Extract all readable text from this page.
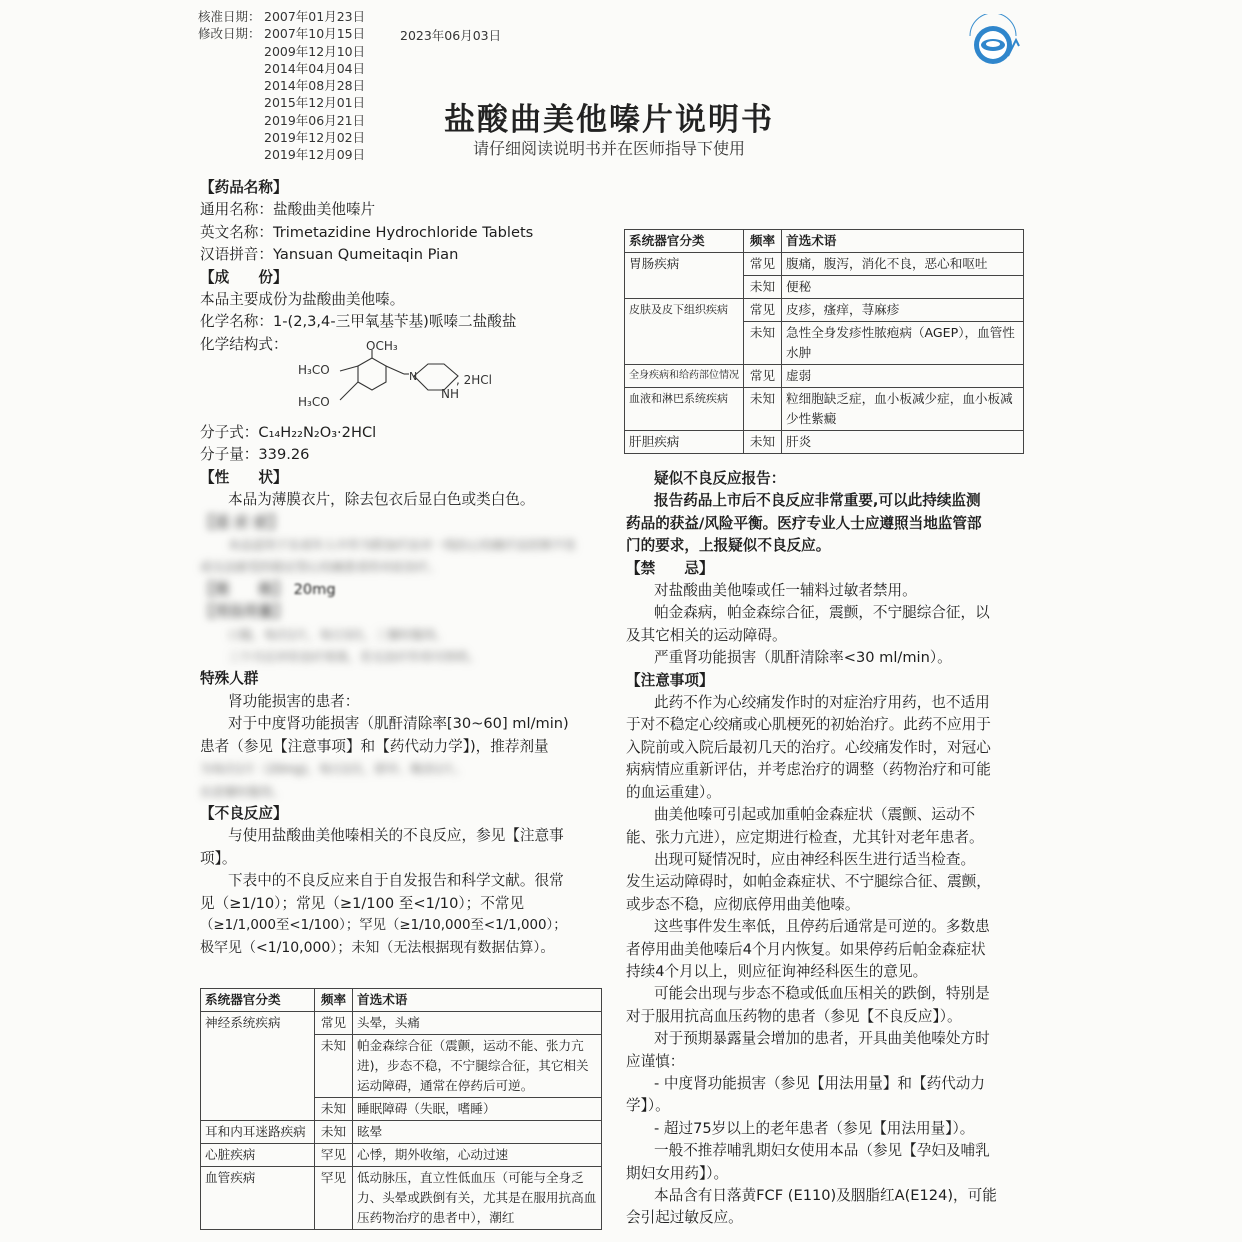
核准日期： 2007年01月23日
修改日期： 2007年10月15日
2009年12月10日
2014年04月04日
2014年08月28日
2015年12月01日
2019年06月21日
2019年12月02日
2019年12月09日
2023年06月03日
盐酸曲美他嗪片说明书
请仔细阅读说明书并在医师指导下使用

【药品名称】

通用名称：盐酸曲美他嗪片

英文名称：Trimetazidine Hydrochloride Tablets

汉语拼音：Yansuan Qumeitaqin Pian

【成　　份】

本品主要成份为盐酸曲美他嗪。

化学名称：1-(2,3,4-三甲氧基苄基)哌嗪二盐酸盐

化学结构式：	OCH₃
H₃CO
H₃CO
N
NH
, 2HCl

分子式：C₁₄H₂₂N₂O₃·2HCl

分子量：339.26

【性　　状】

本品为薄膜衣片，除去包衣后显白色或类白色。

【适 应 症】

本品适用于在成年人中作为附加疗法对一线抗心绞痛疗法控制不佳

或无法耐受的稳定型心绞痛患者的对症治疗。

【规　　格】 20mg

【用法用量】

口服，每次1片，每日3次，三餐时服用。

三个月后评价治疗效果，若无治疗作用可停药。

特殊人群

肾功能损害的患者：

对于中度肾功能损害（肌酐清除率[30~60] ml/min)

患者（参见【注意事项】和【药代动力学】)，推荐剂量

为每次1片（20mg)，每日2次，即早、晚各1片。

在进餐时服用。

【不良反应】

与使用盐酸曲美他嗪相关的不良反应，参见【注意事

项】。

下表中的不良反应来自于自发报告和科学文献。很常

见（≥1/10）；常见（≥1/100 至<1/10）；不常见

（≥1/1,000至<1/100）；罕见（≥1/10,000至<1/1,000）；

极罕见（<1/10,000）；未知（无法根据现有数据估算）。

系统器官分类	频率	首选术语
神经系统疾病	常见	头晕，头痛
	未知	帕金森综合征（震颤，运动不能、张力亢进)，步态不稳，不宁腿综合征，其它相关运动障碍，通常在停药后可逆。
	未知	睡眠障碍（失眠，嗜睡）
耳和内耳迷路疾病	未知	眩晕
心脏疾病	罕见	心悸，期外收缩，心动过速
血管疾病	罕见	低动脉压，直立性低血压（可能与全身乏力、头晕或跌倒有关，尤其是在服用抗高血压药物治疗的患者中），潮红
系统器官分类	频率	首选术语
胃肠疾病	常见	腹痛，腹泻，消化不良，恶心和呕吐
	未知	便秘
皮肤及皮下组织疾病	常见	皮疹，瘙痒，荨麻疹
	未知	急性全身发疹性脓疱病（AGEP），血管性水肿
全身疾病和给药部位情况	常见	虚弱
血液和淋巴系统疾病	未知	粒细胞缺乏症，血小板减少症，血小板减少性紫癜
肝胆疾病	未知	肝炎

疑似不良反应报告：

报告药品上市后不良反应非常重要,可以此持续监测

药品的获益/风险平衡。医疗专业人士应遵照当地监管部

门的要求，上报疑似不良反应。

【禁　　忌】

对盐酸曲美他嗪或任一辅料过敏者禁用。

帕金森病，帕金森综合征，震颤，不宁腿综合征，以

及其它相关的运动障碍。

严重肾功能损害（肌酐清除率<30 ml/min）。

【注意事项】

此药不作为心绞痛发作时的对症治疗用药，也不适用

于对不稳定心绞痛或心肌梗死的初始治疗。此药不应用于

入院前或入院后最初几天的治疗。心绞痛发作时，对冠心

病病情应重新评估，并考虑治疗的调整（药物治疗和可能

的血运重建）。

曲美他嗪可引起或加重帕金森症状（震颤、运动不

能、张力亢进），应定期进行检查，尤其针对老年患者。

出现可疑情况时，应由神经科医生进行适当检查。

发生运动障碍时，如帕金森症状、不宁腿综合征、震颤，

或步态不稳，应彻底停用曲美他嗪。

这些事件发生率低，且停药后通常是可逆的。多数患

者停用曲美他嗪后4个月内恢复。如果停药后帕金森症状

持续4个月以上，则应征询神经科医生的意见。

可能会出现与步态不稳或低血压相关的跌倒，特别是

对于服用抗高血压药物的患者（参见【不良反应】）。

对于预期暴露量会增加的患者，开具曲美他嗪处方时

应谨慎：

- 中度肾功能损害（参见【用法用量】和【药代动力

学】）。

- 超过75岁以上的老年患者（参见【用法用量】）。

一般不推荐哺乳期妇女使用本品（参见【孕妇及哺乳

期妇女用药】）。

本品含有日落黄FCF (E110)及胭脂红A(E124)，可能

会引起过敏反应。
